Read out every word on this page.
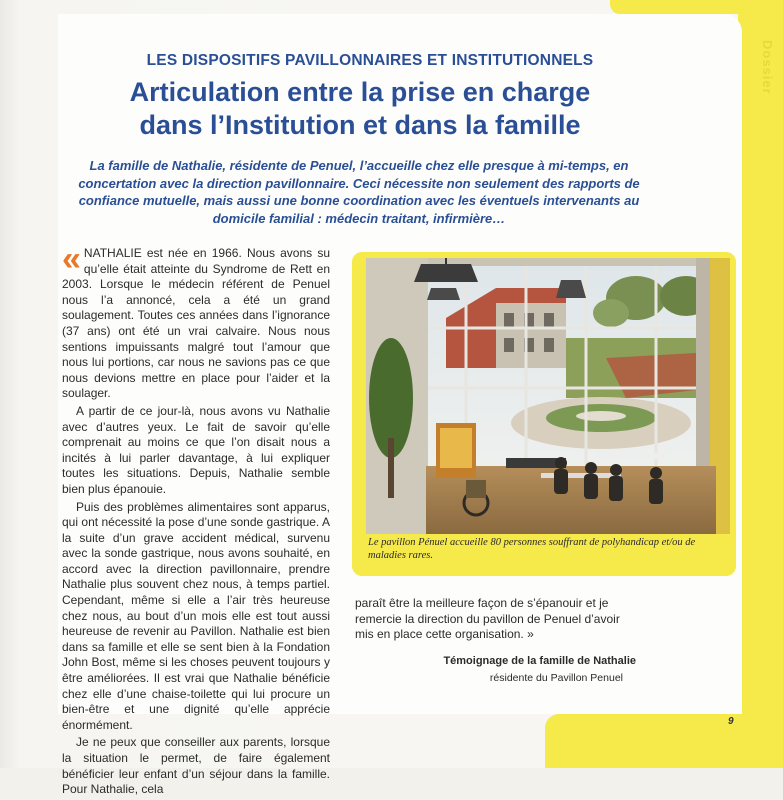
Dossier
LES DISPOSITIFS PAVILLONNAIRES ET INSTITUTIONNELS
Articulation entre la prise en charge
dans l’Institution et dans la famille
La famille de Nathalie, résidente de Penuel, l’accueille chez elle presque à mi-temps, en concertation avec la direction pavillonnaire. Ceci nécessite non seulement des rapports de confiance mutuelle, mais aussi une bonne coordination avec les éventuels intervenants au domicile familial : médecin traitant, infirmière…

« NATHALIE est née en 1966. Nous avons su qu’elle était atteinte du Syndrome de Rett en 2003. Lorsque le médecin référent de Penuel nous l’a annoncé, cela a été un grand soulagement. Toutes ces années dans l’ignorance (37 ans) ont été un vrai calvaire. Nous nous sentions impuissants malgré tout l’amour que nous lui portions, car nous ne savions pas ce que nous devions mettre en place pour l’aider et la soulager.

A partir de ce jour-là, nous avons vu Nathalie avec d’autres yeux. Le fait de savoir qu’elle comprenait au moins ce que l’on disait nous a incités à lui parler davantage, à lui expliquer toutes les situations. Depuis, Nathalie semble bien plus épanouie.

Puis des problèmes alimentaires sont apparus, qui ont nécessité la pose d’une sonde gastrique. A la suite d’un grave accident médical, survenu avec la sonde gastrique, nous avons souhaité, en accord avec la direction pavillonnaire, prendre Nathalie plus souvent chez nous, à temps partiel. Cependant, même si elle a l’air très heureuse chez nous, au bout d’un mois elle est tout aussi heureuse de revenir au Pavillon. Nathalie est bien dans sa famille et elle se sent bien à la Fondation John Bost, même si les choses peuvent toujours y être améliorées. Il est vrai que Nathalie bénéficie chez elle d’une chaise-toilette qui lui procure un bien-être et une dignité qu’elle apprécie énormément.

Je ne peux que conseiller aux parents, lorsque la situation le permet, de faire également bénéficier leur enfant d’un séjour dans la famille. Pour Nathalie, cela

Le pavillon Pénuel accueille 80 personnes souffrant de polyhandicap et/ou de maladies rares.
paraît être la meilleure façon de s’épanouir et je remercie la direction du pavillon de Penuel d’avoir mis en place cette organisation. »
Témoignage de la famille de Nathalie
résidente du Pavillon Penuel
9
